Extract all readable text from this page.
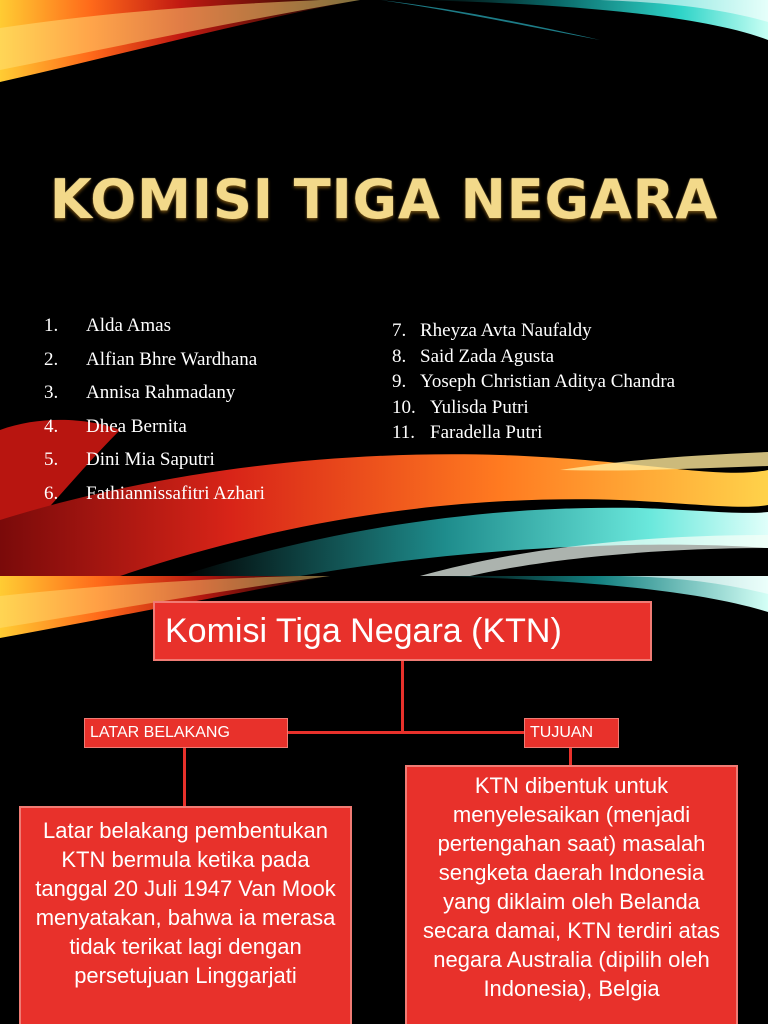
KOMISI TIGA NEGARA
1. Alda Amas
2. Alfian Bhre Wardhana
3. Annisa Rahmadany
4. Dhea Bernita
5. Dini Mia Saputri
6. Fathiannissafitri Azhari
7. Rheyza Avta Naufaldy
8. Said Zada Agusta
9. Yoseph Christian Aditya Chandra
10. Yulisda Putri
11. Faradella Putri
Komisi Tiga Negara (KTN)
LATAR BELAKANG	TUJUAN
Latar belakang pembentukan KTN bermula ketika pada tanggal 20 Juli 1947 Van Mook menyatakan, bahwa ia merasa tidak terikat lagi dengan persetujuan Linggarjati
KTN dibentuk untuk menyelesaikan (menjadi pertengahan saat) masalah sengketa daerah Indonesia yang diklaim oleh Belanda secara damai, KTN terdiri atas negara Australia (dipilih oleh Indonesia), Belgia
